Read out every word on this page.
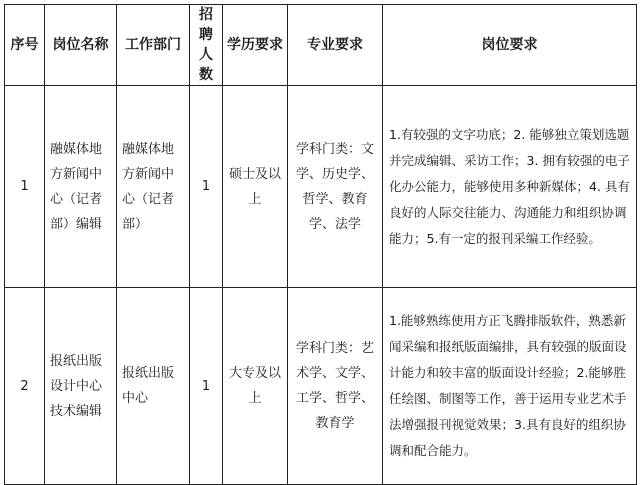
序号	岗位名称	工作部门	招聘人数	学历要求	专业要求	岗位要求
1	融媒体地方新闻中心（记者部）编辑	融媒体地方新闻中心（记者部）	1	硕士及以上	学科门类：文学、历史学、哲学、教育学、法学	1.有较强的文字功底；2. 能够独立策划选题并完成编辑、采访工作；3. 拥有较强的电子化办公能力，能够使用多种新媒体；4. 具有良好的人际交往能力、沟通能力和组织协调能力；5.有一定的报刊采编工作经验。
2	报纸出版设计中心技术编辑	报纸出版中心	1	大专及以上	学科门类：艺术学、文学、工学、哲学、教育学	1.能够熟练使用方正飞腾排版软件，熟悉新闻采编和报纸版面编排，具有较强的版面设计能力和较丰富的版面设计经验；2.能够胜任绘图、制图等工作，善于运用专业艺术手法增强报刊视觉效果；3.具有良好的组织协调和配合能力。
